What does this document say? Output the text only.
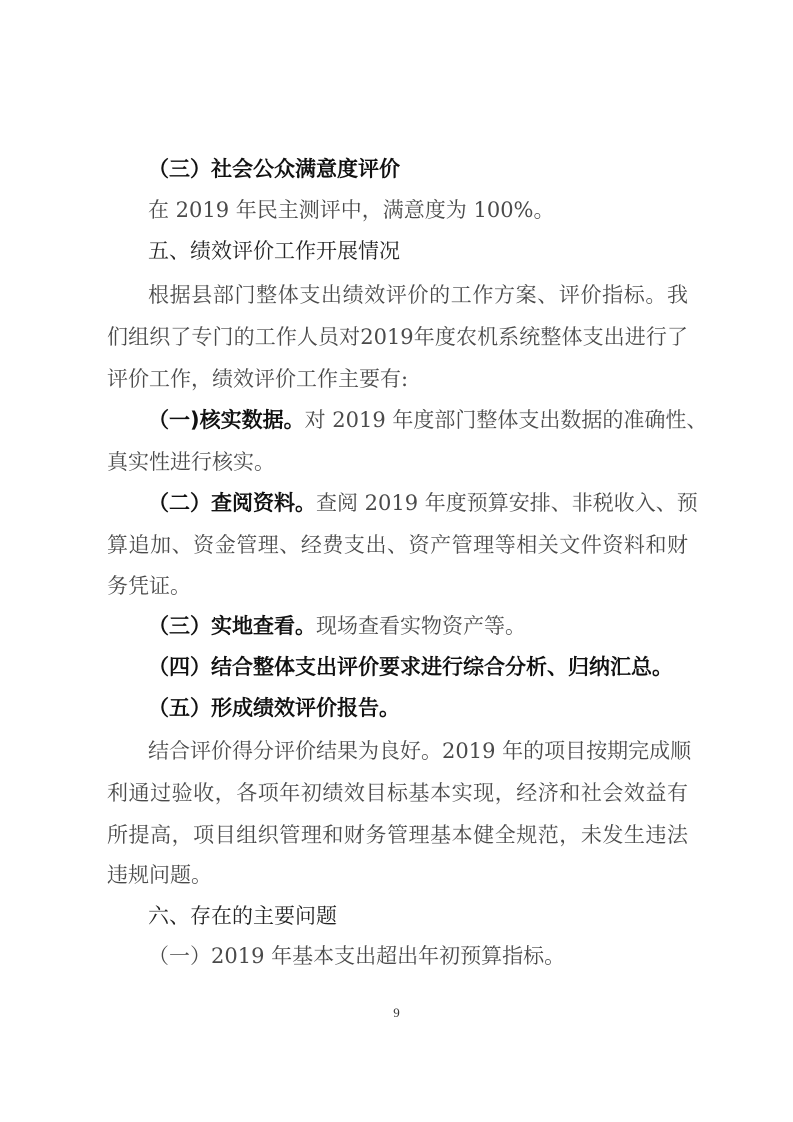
（三）社会公众满意度评价
在 2019 年民主测评中，满意度为 100%。
五、绩效评价工作开展情况
根据县部门整体支出绩效评价的工作方案、评价指标。我
们组织了专门的工作人员对2019年度农机系统整体支出进行了
评价工作，绩效评价工作主要有:
（一)核实数据。对 2019 年度部门整体支出数据的准确性、
真实性进行核实。
（二）查阅资料。查阅 2019 年度预算安排、非税收入、预
算追加、资金管理、经费支出、资产管理等相关文件资料和财
务凭证。
（三）实地查看。现场查看实物资产等。
（四）结合整体支出评价要求进行综合分析、归纳汇总。
（五）形成绩效评价报告。
结合评价得分评价结果为良好。2019 年的项目按期完成顺
利通过验收，各项年初绩效目标基本实现，经济和社会效益有
所提高，项目组织管理和财务管理基本健全规范，未发生违法
违规问题。
六、存在的主要问题
（一）2019 年基本支出超出年初预算指标。
9
